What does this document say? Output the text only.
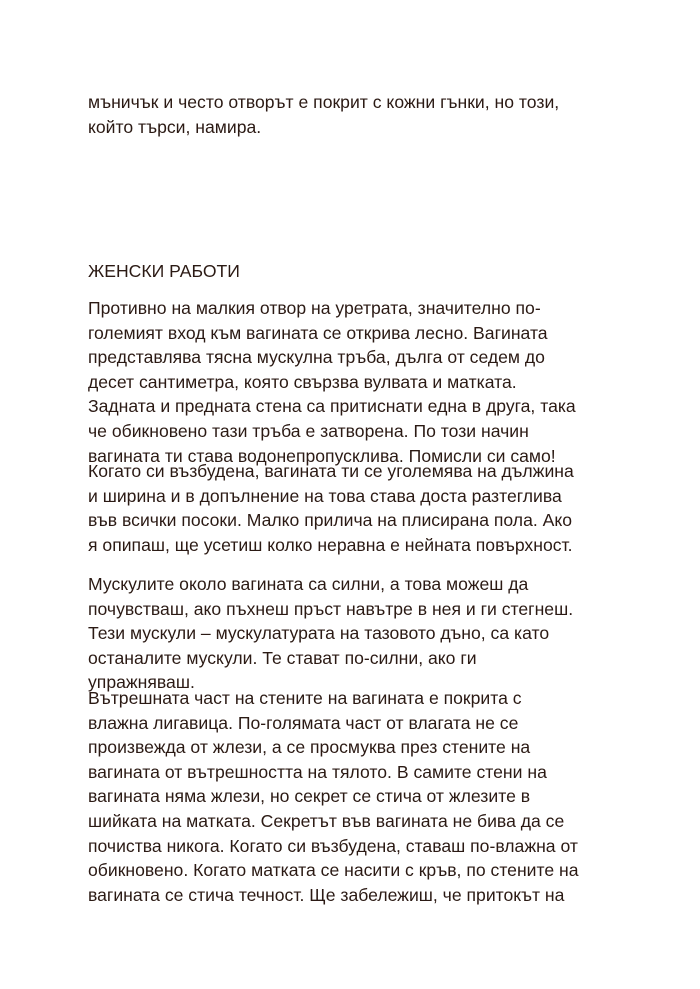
мъничък и често отворът е покрит с кожни гънки, но този,
който търси, намира.

ЖЕНСКИ РАБОТИ

Противно на малкия отвор на уретрата, значително по-
големият вход към вагината се открива лесно. Вагината
представлява тясна мускулна тръба, дълга от седем до
десет сантиметра, която свързва вулвата и матката.
Задната и предната стена са притиснати една в друга, така
че обикновено тази тръба е затворена. По този начин
вагината ти става водонепропусклива. Помисли си само!

Когато си възбудена, вагината ти се уголемява на дължина
и ширина и в допълнение на това става доста разтеглива
във всички посоки. Малко прилича на плисирана пола. Ако
я опипаш, ще усетиш колко неравна е нейната повърхност.

Мускулите около вагината са силни, а това можеш да
почувстваш, ако пъхнеш пръст навътре в нея и ги стегнеш.
Тези мускули – мускулатурата на тазовото дъно, са като
останалите мускули. Те стават по-силни, ако ги
упражняваш.

Вътрешната част на стените на вагината е покрита с
влажна лигавица. По-голямата част от влагата не се
произвежда от жлези, а се просмуква през стените на
вагината от вътрешността на тялото. В самите стени на
вагината няма жлези, но секрет се стича от жлезите в
шийката на матката. Секретът във вагината не бива да се
почиства никога. Когато си възбудена, ставаш по-влажна от
обикновено. Когато матката се насити с кръв, по стените на
вагината се стича течност. Ще забележиш, че притокът на
